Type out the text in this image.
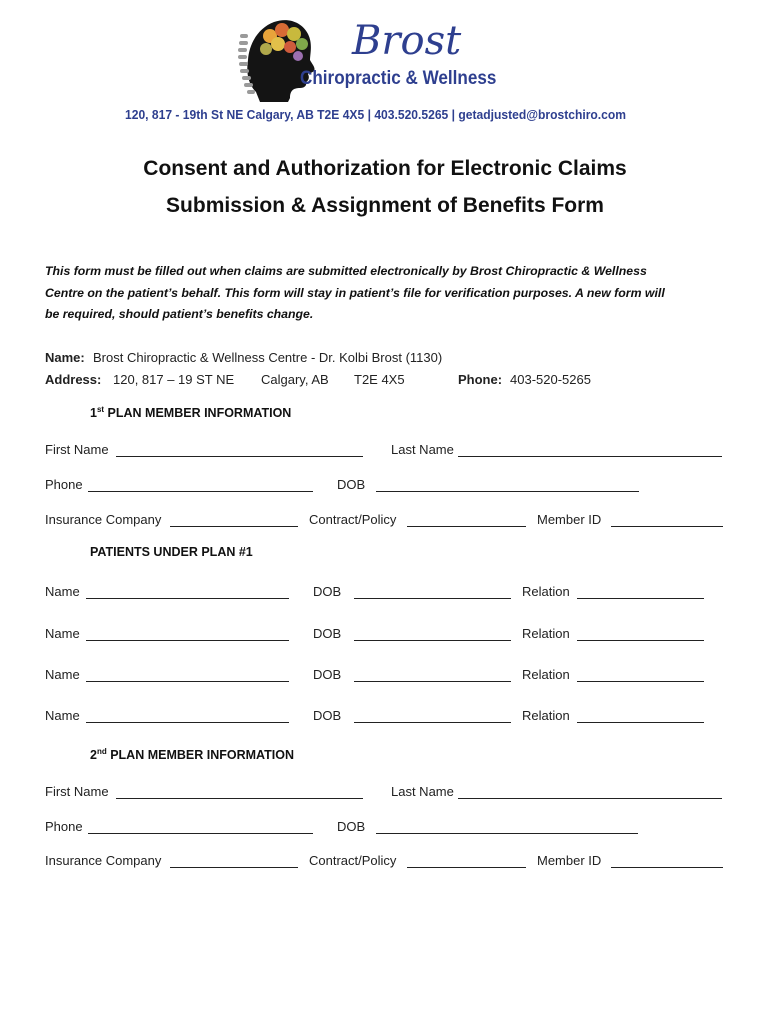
Brost
Chiropractic & Wellness
120, 817 - 19th St NE Calgary, AB T2E 4X5 | 403.520.5265 | getadjusted@brostchiro.com
Consent and Authorization for Electronic Claims
Submission & Assignment of Benefits Form
This form must be filled out when claims are submitted electronically by Brost Chiropractic & Wellness
Centre on the patient’s behalf. This form will stay in patient’s file for verification purposes. A new form will
be required, should patient’s benefits change.
Name: Brost Chiropractic & Wellness Centre - Dr. Kolbi Brost (1130)
Address: 120, 817 – 19 ST NE Calgary, AB T2E 4X5	Phone: 403-520-5265
1st PLAN MEMBER INFORMATION
First Name	Last Name
Phone	DOB
Insurance Company	Contract/Policy	Member ID
PATIENTS UNDER PLAN #1
Name	DOB	Relation
Name	DOB	Relation
Name	DOB	Relation
Name	DOB	Relation
2nd PLAN MEMBER INFORMATION
First Name	Last Name
Phone	DOB
Insurance Company	Contract/Policy	Member ID
